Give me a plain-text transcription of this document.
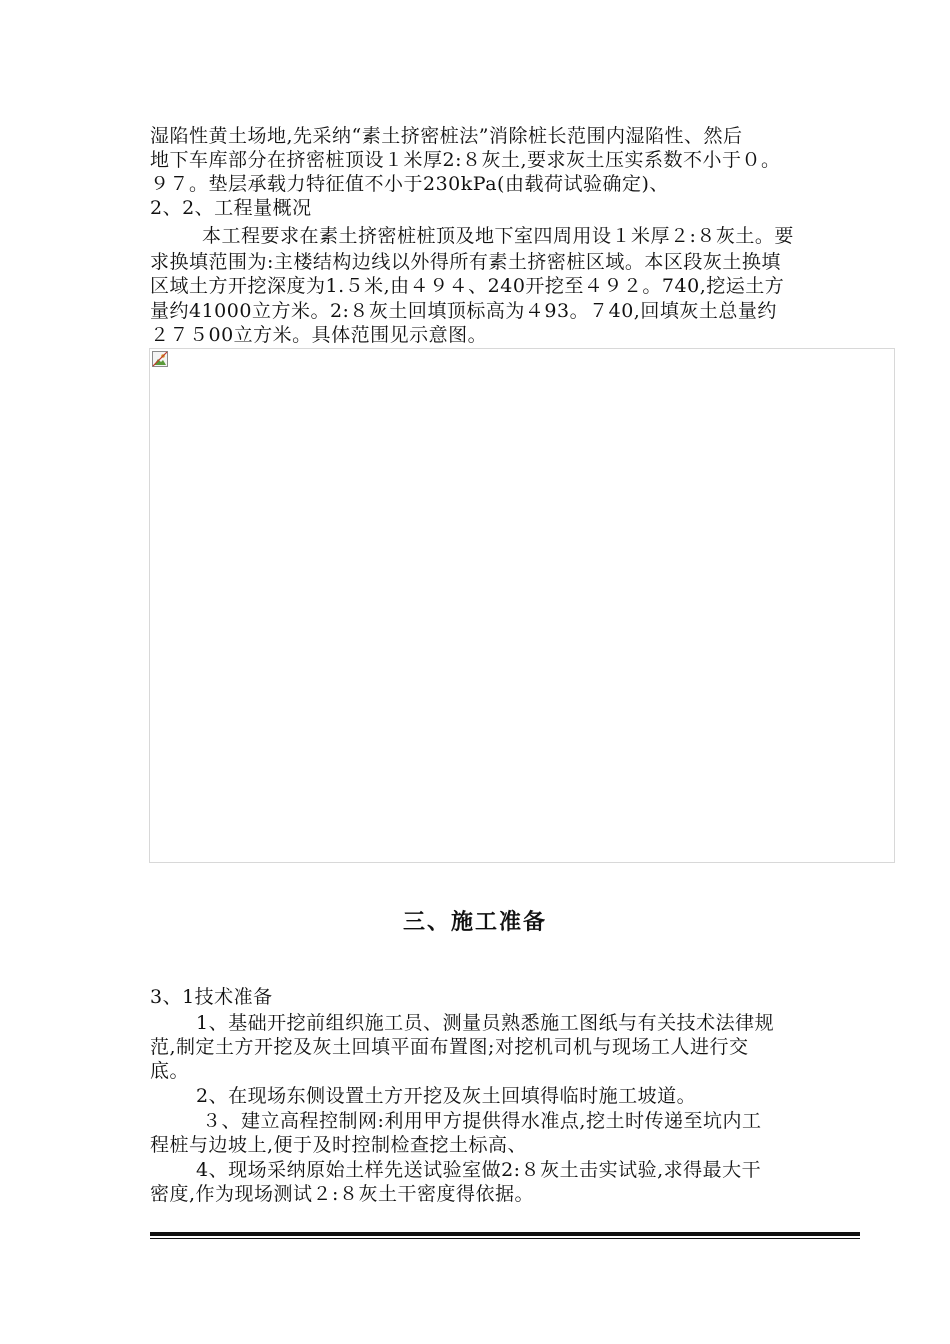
湿陷性黄土场地,先采纳“素土挤密桩法”消除桩长范围内湿陷性、然后
地下车库部分在挤密桩顶设１米厚2:８灰土,要求灰土压实系数不小于０。
９７。垫层承载力特征值不小于230kPa(由载荷试验确定)、
2、2、工程量概况
本工程要求在素土挤密桩桩顶及地下室四周用设１米厚２:８灰土。要
求换填范围为:主楼结构边线以外得所有素土挤密桩区域。本区段灰土换填
区域土方开挖深度为1.５米,由４９４、240开挖至４９２。740,挖运土方
量约41000立方米。2:８灰土回填顶标高为４93。７40,回填灰土总量约
２７５00立方米。具体范围见示意图。
三、施工准备
3、1技术准备
1、基础开挖前组织施工员、测量员熟悉施工图纸与有关技术法律规
范,制定土方开挖及灰土回填平面布置图;对挖机司机与现场工人进行交
底。
2、在现场东侧设置土方开挖及灰土回填得临时施工坡道。
３、建立高程控制网:利用甲方提供得水准点,挖土时传递至坑内工
程桩与边坡上,便于及时控制检查挖土标高、
4、现场采纳原始土样先送试验室做2:８灰土击实试验,求得最大干
密度,作为现场测试２:８灰土干密度得依据。
